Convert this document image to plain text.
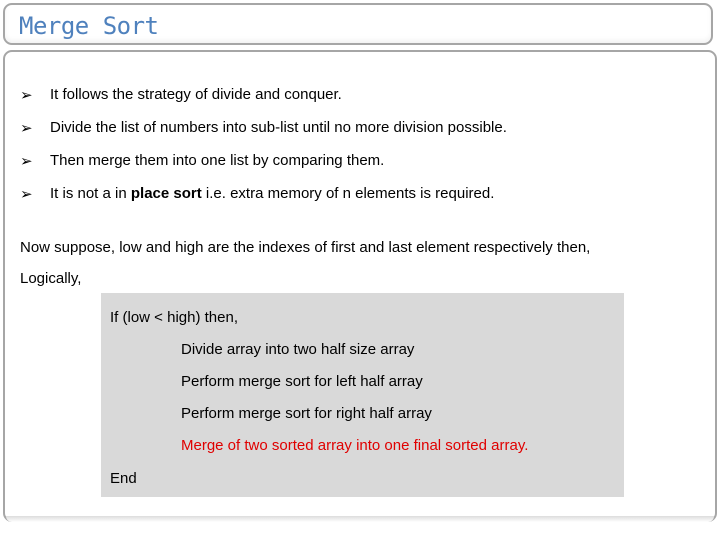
Merge Sort
➢	It follows the strategy of divide and conquer.
➢	Divide the list of numbers into sub-list until no more division possible.
➢	Then merge them into one list by comparing them.
➢	It is not a in place sort i.e. extra memory of n elements is required.
Now suppose, low and high are the indexes of first and last element respectively then,
Logically,
If (low < high) then,
Divide array into two half size array
Perform merge sort for left half array
Perform merge sort for right half array
Merge of two sorted array into one final sorted array.
End
